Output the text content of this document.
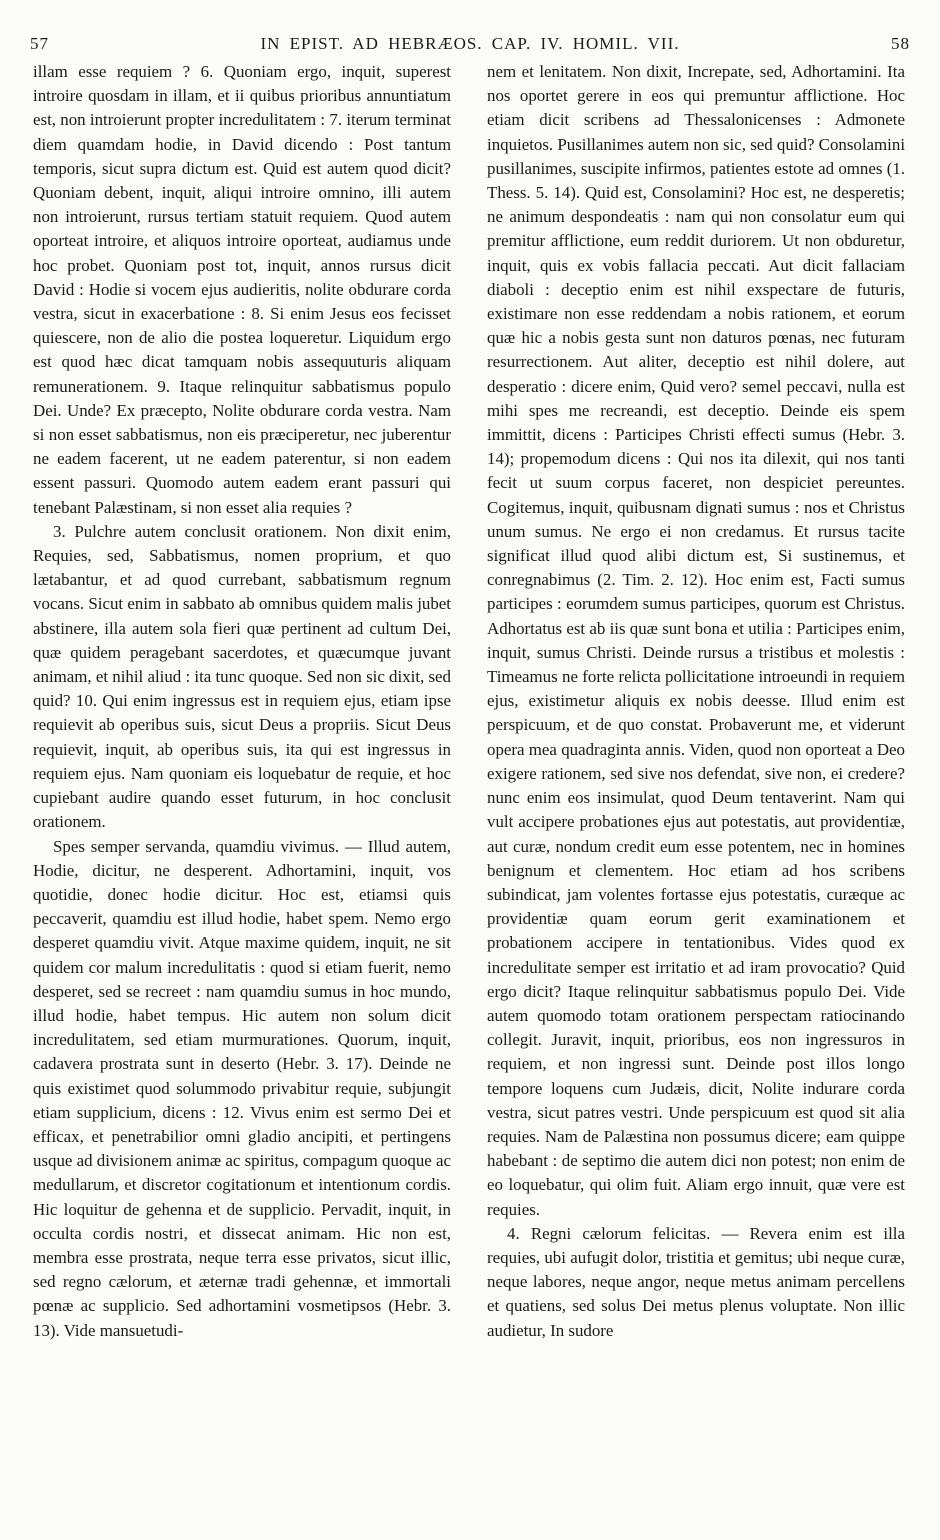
57	IN EPIST. AD HEBRÆOS. CAP. IV. HOMIL. VII.	58

illam esse requiem ? 6. Quoniam ergo, inquit, superest introire quosdam in illam, et ii quibus prioribus annuntiatum est, non introierunt propter incredulitatem : 7. iterum terminat diem quamdam hodie, in David dicendo : Post tantum temporis, sicut supra dictum est. Quid est autem quod dicit? Quoniam debent, inquit, aliqui introire omnino, illi autem non introierunt, rursus tertiam statuit requiem. Quod autem oporteat introire, et aliquos introire oporteat, audiamus unde hoc probet. Quoniam post tot, inquit, annos rursus dicit David : Hodie si vocem ejus audieritis, nolite obdurare corda vestra, sicut in exacerbatione : 8. Si enim Jesus eos fecisset quiescere, non de alio die postea loqueretur. Liquidum ergo est quod hæc dicat tamquam nobis assequuturis aliquam remunerationem. 9. Itaque relinquitur sabbatismus populo Dei. Unde? Ex præcepto, Nolite obdurare corda vestra. Nam si non esset sabbatismus, non eis præciperetur, nec juberentur ne eadem facerent, ut ne eadem paterentur, si non eadem essent passuri. Quomodo autem eadem erant passuri qui tenebant Palæstinam, si non esset alia requies ?

3. Pulchre autem conclusit orationem. Non dixit enim, Requies, sed, Sabbatismus, nomen proprium, et quo lætabantur, et ad quod currebant, sabbatismum regnum vocans. Sicut enim in sabbato ab omnibus quidem malis jubet abstinere, illa autem sola fieri quæ pertinent ad cultum Dei, quæ quidem peragebant sacerdotes, et quæcumque juvant animam, et nihil aliud : ita tunc quoque. Sed non sic dixit, sed quid? 10. Qui enim ingressus est in requiem ejus, etiam ipse requievit ab operibus suis, sicut Deus a propriis. Sicut Deus requievit, inquit, ab operibus suis, ita qui est ingressus in requiem ejus. Nam quoniam eis loquebatur de requie, et hoc cupiebant audire quando esset futurum, in hoc conclusit orationem.

Spes semper servanda, quamdiu vivimus. — Illud autem, Hodie, dicitur, ne desperent. Adhortamini, inquit, vos quotidie, donec hodie dicitur. Hoc est, etiamsi quis peccaverit, quamdiu est illud hodie, habet spem. Nemo ergo desperet quamdiu vivit. Atque maxime quidem, inquit, ne sit quidem cor malum incredulitatis : quod si etiam fuerit, nemo desperet, sed se recreet : nam quamdiu sumus in hoc mundo, illud hodie, habet tempus. Hic autem non solum dicit incredulitatem, sed etiam murmurationes. Quorum, inquit, cadavera prostrata sunt in deserto (Hebr. 3. 17). Deinde ne quis existimet quod solummodo privabitur requie, subjungit etiam supplicium, dicens : 12. Vivus enim est sermo Dei et efficax, et penetrabilior omni gladio ancipiti, et pertingens usque ad divisionem animæ ac spiritus, compagum quoque ac medullarum, et discretor cogitationum et intentionum cordis. Hic loquitur de gehenna et de supplicio. Pervadit, inquit, in occulta cordis nostri, et dissecat animam. Hic non est, membra esse prostrata, neque terra esse privatos, sicut illic, sed regno cælorum, et æternæ tradi gehennæ, et immortali pœnæ ac supplicio. Sed adhortamini vosmetipsos (Hebr. 3. 13). Vide mansuetudi-

nem et lenitatem. Non dixit, Increpate, sed, Adhortamini. Ita nos oportet gerere in eos qui premuntur afflictione. Hoc etiam dicit scribens ad Thessalonicenses : Admonete inquietos. Pusillanimes autem non sic, sed quid? Consolamini pusillanimes, suscipite infirmos, patientes estote ad omnes (1. Thess. 5. 14). Quid est, Consolamini? Hoc est, ne desperetis; ne animum despondeatis : nam qui non consolatur eum qui premitur afflictione, eum reddit duriorem. Ut non obduretur, inquit, quis ex vobis fallacia peccati. Aut dicit fallaciam diaboli : deceptio enim est nihil exspectare de futuris, existimare non esse reddendam a nobis rationem, et eorum quæ hic a nobis gesta sunt non daturos pœnas, nec futuram resurrectionem. Aut aliter, deceptio est nihil dolere, aut desperatio : dicere enim, Quid vero? semel peccavi, nulla est mihi spes me recreandi, est deceptio. Deinde eis spem immittit, dicens : Participes Christi effecti sumus (Hebr. 3. 14); propemodum dicens : Qui nos ita dilexit, qui nos tanti fecit ut suum corpus faceret, non despiciet pereuntes. Cogitemus, inquit, quibusnam dignati sumus : nos et Christus unum sumus. Ne ergo ei non credamus. Et rursus tacite significat illud quod alibi dictum est, Si sustinemus, et conregnabimus (2. Tim. 2. 12). Hoc enim est, Facti sumus participes : eorumdem sumus participes, quorum est Christus. Adhortatus est ab iis quæ sunt bona et utilia : Participes enim, inquit, sumus Christi. Deinde rursus a tristibus et molestis : Timeamus ne forte relicta pollicitatione introeundi in requiem ejus, existimetur aliquis ex nobis deesse. Illud enim est perspicuum, et de quo constat. Probaverunt me, et viderunt opera mea quadraginta annis. Viden, quod non oporteat a Deo exigere rationem, sed sive nos defendat, sive non, ei credere? nunc enim eos insimulat, quod Deum tentaverint. Nam qui vult accipere probationes ejus aut potestatis, aut providentiæ, aut curæ, nondum credit eum esse potentem, nec in homines benignum et clementem. Hoc etiam ad hos scribens subindicat, jam volentes fortasse ejus potestatis, curæque ac providentiæ quam eorum gerit examinationem et probationem accipere in tentationibus. Vides quod ex incredulitate semper est irritatio et ad iram provocatio? Quid ergo dicit? Itaque relinquitur sabbatismus populo Dei. Vide autem quomodo totam orationem perspectam ratiocinando collegit. Juravit, inquit, prioribus, eos non ingressuros in requiem, et non ingressi sunt. Deinde post illos longo tempore loquens cum Judæis, dicit, Nolite indurare corda vestra, sicut patres vestri. Unde perspicuum est quod sit alia requies. Nam de Palæstina non possumus dicere; eam quippe habebant : de septimo die autem dici non potest; non enim de eo loquebatur, qui olim fuit. Aliam ergo innuit, quæ vere est requies.

4. Regni cælorum felicitas. — Revera enim est illa requies, ubi aufugit dolor, tristitia et gemitus; ubi neque curæ, neque labores, neque angor, neque metus animam percellens et quatiens, sed solus Dei metus plenus voluptate. Non illic audietur, In sudore
